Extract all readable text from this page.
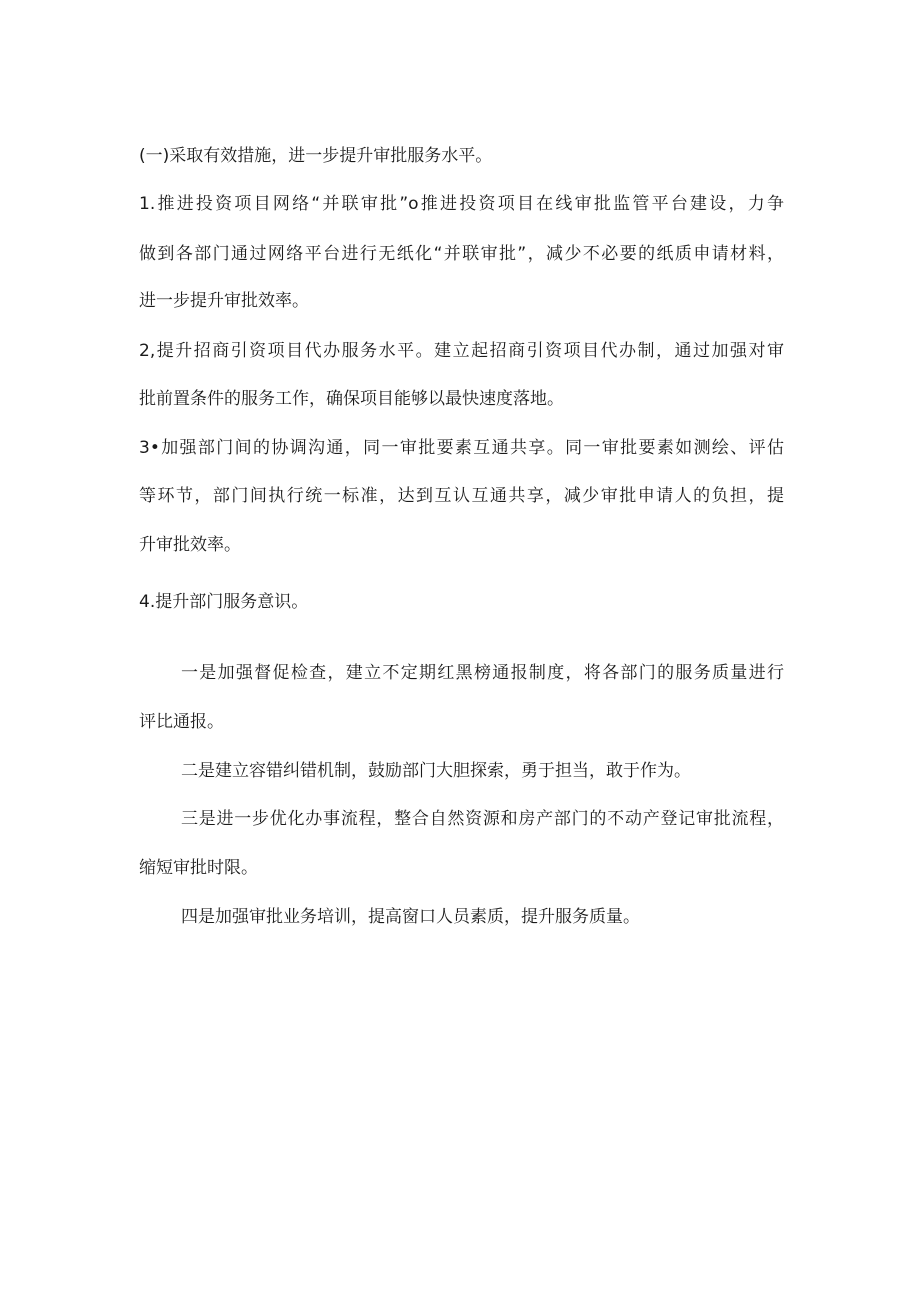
(一)采取有效措施，进一步提升审批服务水平。
1.推进投资项目网络“并联审批”o推进投资项目在线审批监管平台建设，力争
做到各部门通过网络平台进行无纸化“并联审批”，减少不必要的纸质申请材料，
进一步提升审批效率。
2,提升招商引资项目代办服务水平。建立起招商引资项目代办制，通过加强对审
批前置条件的服务工作，确保项目能够以最快速度落地。
3•加强部门间的协调沟通，同一审批要素互通共享。同一审批要素如测绘、评估
等环节，部门间执行统一标准，达到互认互通共享，减少审批申请人的负担，提
升审批效率。
4.提升部门服务意识。
一是加强督促检查，建立不定期红黑榜通报制度，将各部门的服务质量进行
评比通报。
二是建立容错纠错机制，鼓励部门大胆探索，勇于担当，敢于作为。
三是进一步优化办事流程，整合自然资源和房产部门的不动产登记审批流程，
缩短审批时限。
四是加强审批业务培训，提高窗口人员素质，提升服务质量。
